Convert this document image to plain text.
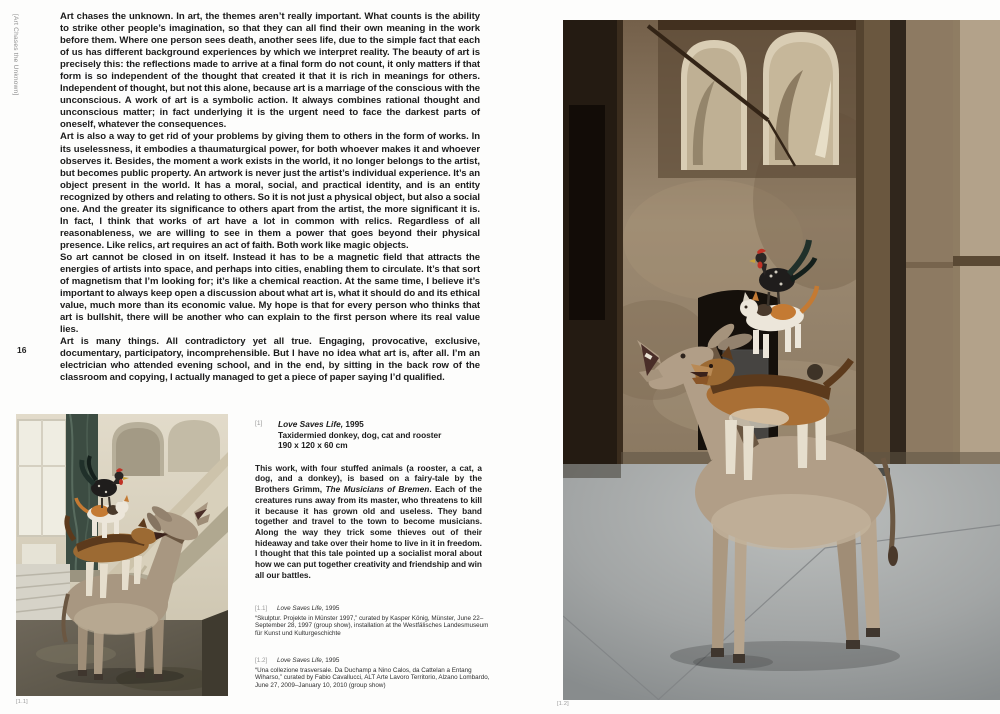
[Art Chases the Unknown]
16

Art chases the unknown. In art, the themes aren’t really important. What counts is the ability to strike other people’s imagination, so that they can all find their own meaning in the work before them. Where one person sees death, another sees life, due to the simple fact that each of us has different background experiences by which we interpret reality. The beauty of art is precisely this: the reflections made to arrive at a final form do not count, it only matters if that form is so independent of the thought that created it that it is rich in meanings for others. Independent of thought, but not this alone, because art is a marriage of the conscious with the unconscious. A work of art is a symbolic action. It always combines rational thought and unconscious matter; in fact underlying it is the urgent need to face the darkest parts of oneself, whatever the consequences.

Art is also a way to get rid of your problems by giving them to others in the form of works. In its uselessness, it embodies a thaumaturgical power, for both whoever makes it and whoever observes it. Besides, the moment a work exists in the world, it no longer belongs to the artist, but becomes public property. An artwork is never just the artist’s individual experience. It’s an object present in the world. It has a moral, social, and practical identity, and is an entity recognized by others and relating to others. So it is not just a physical object, but also a social one. And the greater its significance to others apart from the artist, the more significant it is. In fact, I think that works of art have a lot in common with relics. Regardless of all reasonableness, we are willing to see in them a power that goes beyond their physical presence. Like relics, art requires an act of faith. Both work like magic objects.

So art cannot be closed in on itself. Instead it has to be a magnetic field that attracts the energies of artists into space, and perhaps into cities, enabling them to circulate. It’s that sort of magnetism that I’m looking for; it’s like a chemical reaction. At the same time, I believe it’s important to always keep open a discussion about what art is, what it should do and its ethical value, much more than its economic value. My hope is that for every person who thinks that art is bullshit, there will be another who can explain to the first person where its real value lies.

Art is many things. All contradictory yet all true. Engaging, provocative, exclusive, documentary, participatory, incomprehensible. But I have no idea what art is, after all. I’m an electrician who attended evening school, and in the end, by sitting in the back row of the classroom and copying, I actually managed to get a piece of paper saying I’d qualified.

[1.1]
[1]	Love Saves Life, 1995
Taxidermied donkey, dog, cat and rooster
190 x 120 x 60 cm
This work, with four stuffed animals (a rooster, a cat, a dog, and a donkey), is based on a fairy-tale by the Brothers Grimm, The Musicians of Bremen. Each of the creatures runs away from its master, who threatens to kill it because it has grown old and useless. They band together and travel to the town to become musicians. Along the way they trick some thieves out of their hideaway and take over their home to live in it in freedom. I thought that this tale pointed up a socialist moral about how we can put together creativity and friendship and win all our battles.
[1.1]	Love Saves Life, 1995
“Skulptur. Projekte in Münster 1997,” curated by Kasper König, Münster, June 22–September 28, 1997 (group show), installation at the Westfälisches Landesmuseum für Kunst und Kulturgeschichte
[1.2]	Love Saves Life, 1995
“Una collezione trasversale. Da Duchamp a Nino Calos, da Cattelan a Entang Wiharso,” curated by Fabio Cavallucci, ALT Arte Lavoro Territorio, Alzano Lombardo, June 27, 2009–January 10, 2010 (group show)
[1.2]
